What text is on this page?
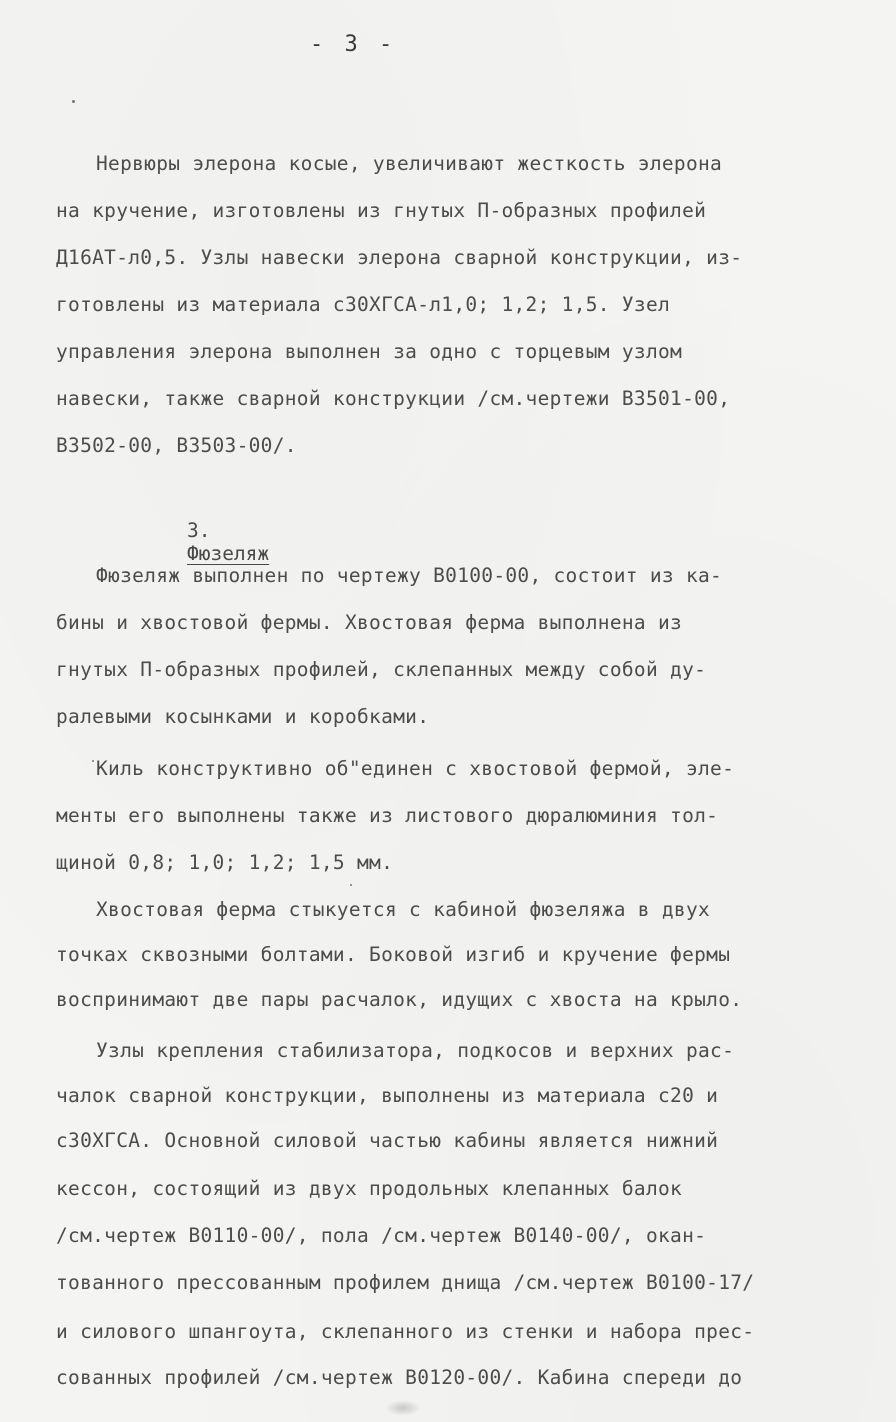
- 3 -
Нервюры элерона косые, увеличивают жесткость элерона
на кручение, изготовлены из гнутых П-образных профилей
Д16АТ-л0,5. Узлы навески элерона сварной конструкции, из-
готовлены из материала с30ХГСА-л1,0; 1,2; 1,5. Узел
управления элерона выполнен за одно с торцевым узлом
навески, также сварной конструкции /см.чертежи В3501-00,
В3502-00, В3503-00/.

3.
Фюзеляж

Фюзеляж выполнен по чертежу В0100-00, состоит из ка-
бины и хвостовой фермы. Хвостовая ферма выполнена из
гнутых П-образных профилей, склепанных между собой ду-
ралевыми косынками и коробками.
Киль конструктивно об"единен с хвостовой фермой, эле-
менты его выполнены также из листового дюралюминия тол-
щиной 0,8; 1,0; 1,2; 1,5 мм.
Хвостовая ферма стыкуется с кабиной фюзеляжа в двух
точках сквозными болтами. Боковой изгиб и кручение фермы
воспринимают две пары расчалок, идущих с хвоста на крыло.
Узлы крепления стабилизатора, подкосов и верхних рас-
чалок сварной конструкции, выполнены из материала с20 и
с30ХГСА. Основной силовой частью кабины является нижний
кессон, состоящий из двух продольных клепанных балок
/см.чертеж В0110-00/, пола /см.чертеж В0140-00/, окан-
тованного прессованным профилем днища /см.чертеж В0100-17/
и силового шпангоута, склепанного из стенки и набора прес-
сованных профилей /см.чертеж В0120-00/. Кабина спереди до
